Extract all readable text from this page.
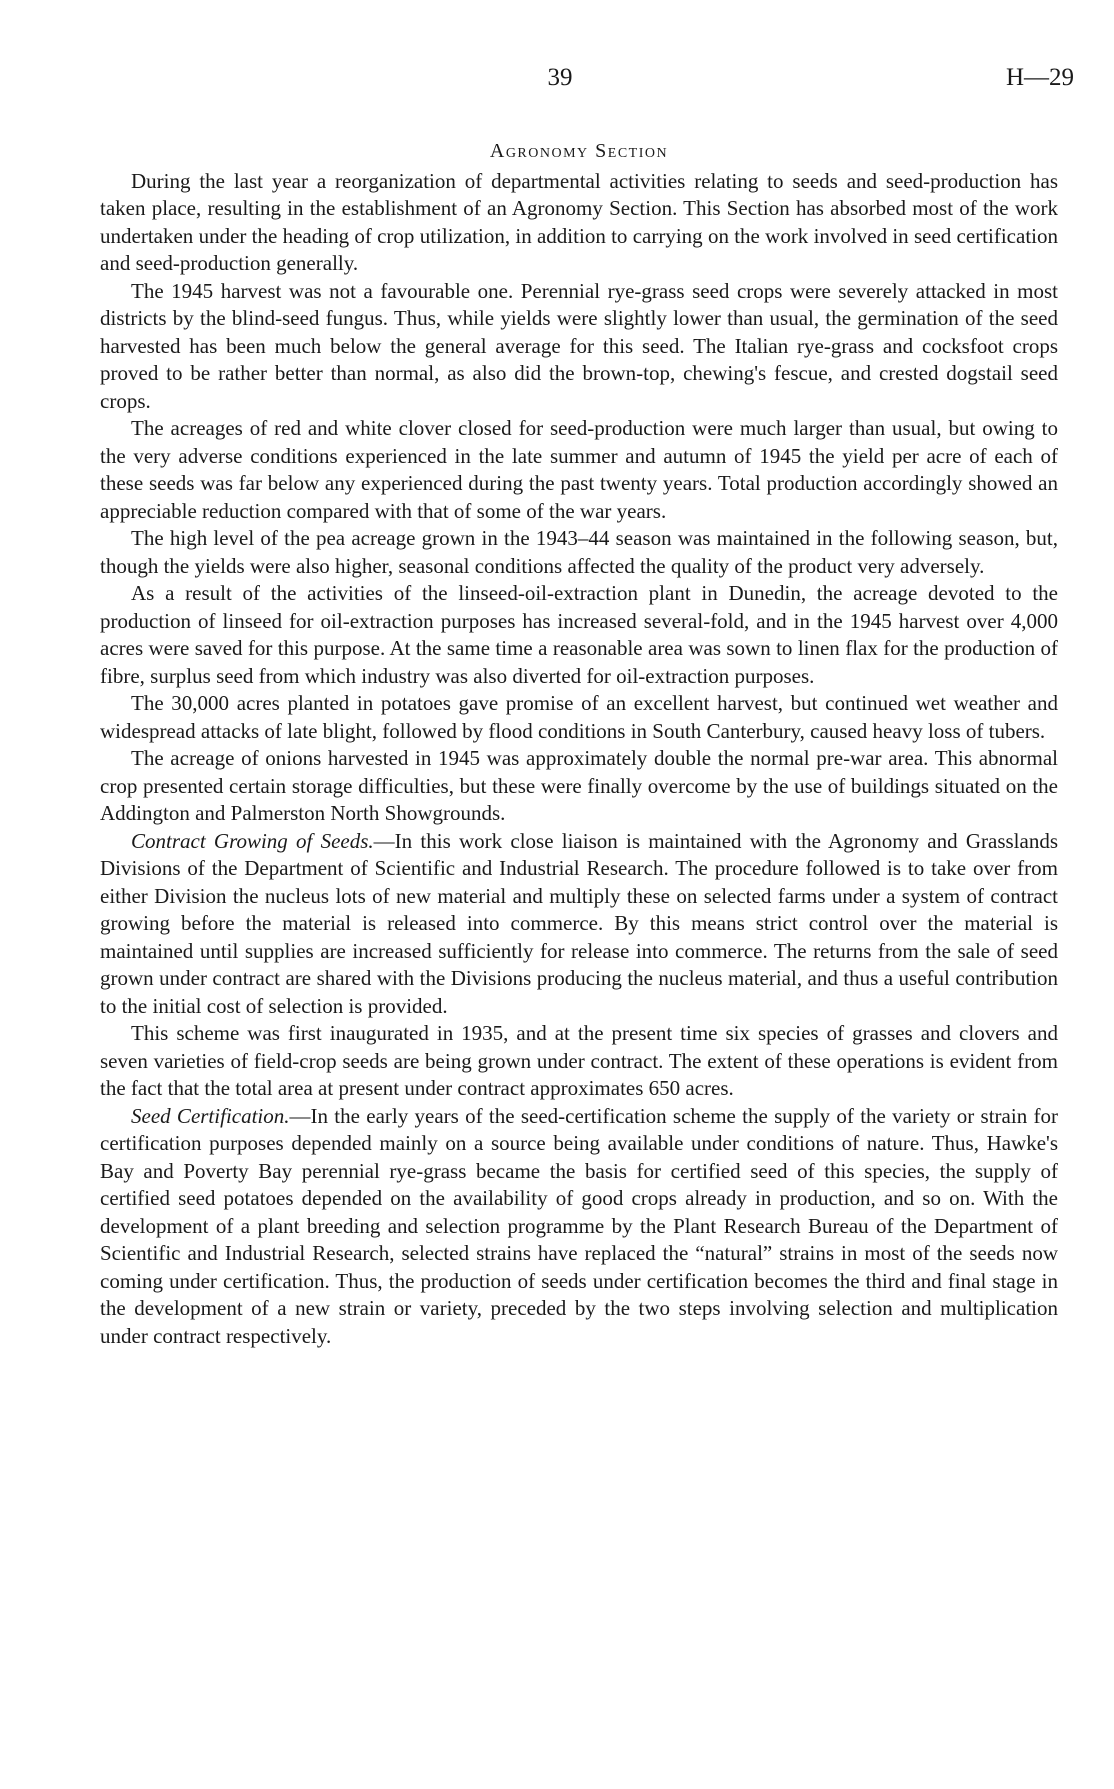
39	H—29
Agronomy Section

During the last year a reorganization of departmental activities relating to seeds and seed-production has taken place, resulting in the establishment of an Agronomy Section. This Section has absorbed most of the work undertaken under the heading of crop utilization, in addition to carrying on the work involved in seed certification and seed-production generally.

The 1945 harvest was not a favourable one. Perennial rye-grass seed crops were severely attacked in most districts by the blind-seed fungus. Thus, while yields were slightly lower than usual, the germination of the seed harvested has been much below the general average for this seed. The Italian rye-grass and cocksfoot crops proved to be rather better than normal, as also did the brown-top, chewing's fescue, and crested dogstail seed crops.

The acreages of red and white clover closed for seed-production were much larger than usual, but owing to the very adverse conditions experienced in the late summer and autumn of 1945 the yield per acre of each of these seeds was far below any experienced during the past twenty years. Total production accordingly showed an appreciable reduction compared with that of some of the war years.

The high level of the pea acreage grown in the 1943–44 season was maintained in the following season, but, though the yields were also higher, seasonal conditions affected the quality of the product very adversely.

As a result of the activities of the linseed-oil-extraction plant in Dunedin, the acreage devoted to the production of linseed for oil-extraction purposes has increased several-fold, and in the 1945 harvest over 4,000 acres were saved for this purpose. At the same time a reasonable area was sown to linen flax for the production of fibre, surplus seed from which industry was also diverted for oil-extraction purposes.

The 30,000 acres planted in potatoes gave promise of an excellent harvest, but continued wet weather and widespread attacks of late blight, followed by flood conditions in South Canterbury, caused heavy loss of tubers.

The acreage of onions harvested in 1945 was approximately double the normal pre-war area. This abnormal crop presented certain storage difficulties, but these were finally overcome by the use of buildings situated on the Addington and Palmerston North Showgrounds.

Contract Growing of Seeds.—In this work close liaison is maintained with the Agronomy and Grasslands Divisions of the Department of Scientific and Industrial Research. The procedure followed is to take over from either Division the nucleus lots of new material and multiply these on selected farms under a system of contract growing before the material is released into commerce. By this means strict control over the material is maintained until supplies are increased sufficiently for release into commerce. The returns from the sale of seed grown under contract are shared with the Divisions producing the nucleus material, and thus a useful contribution to the initial cost of selection is provided.

This scheme was first inaugurated in 1935, and at the present time six species of grasses and clovers and seven varieties of field-crop seeds are being grown under contract. The extent of these operations is evident from the fact that the total area at present under contract approximates 650 acres.

Seed Certification.—In the early years of the seed-certification scheme the supply of the variety or strain for certification purposes depended mainly on a source being available under conditions of nature. Thus, Hawke's Bay and Poverty Bay perennial rye-grass became the basis for certified seed of this species, the supply of certified seed potatoes depended on the availability of good crops already in production, and so on. With the development of a plant breeding and selection programme by the Plant Research Bureau of the Department of Scientific and Industrial Research, selected strains have replaced the “natural” strains in most of the seeds now coming under certification. Thus, the production of seeds under certification becomes the third and final stage in the development of a new strain or variety, preceded by the two steps involving selection and multiplication under contract respectively.
